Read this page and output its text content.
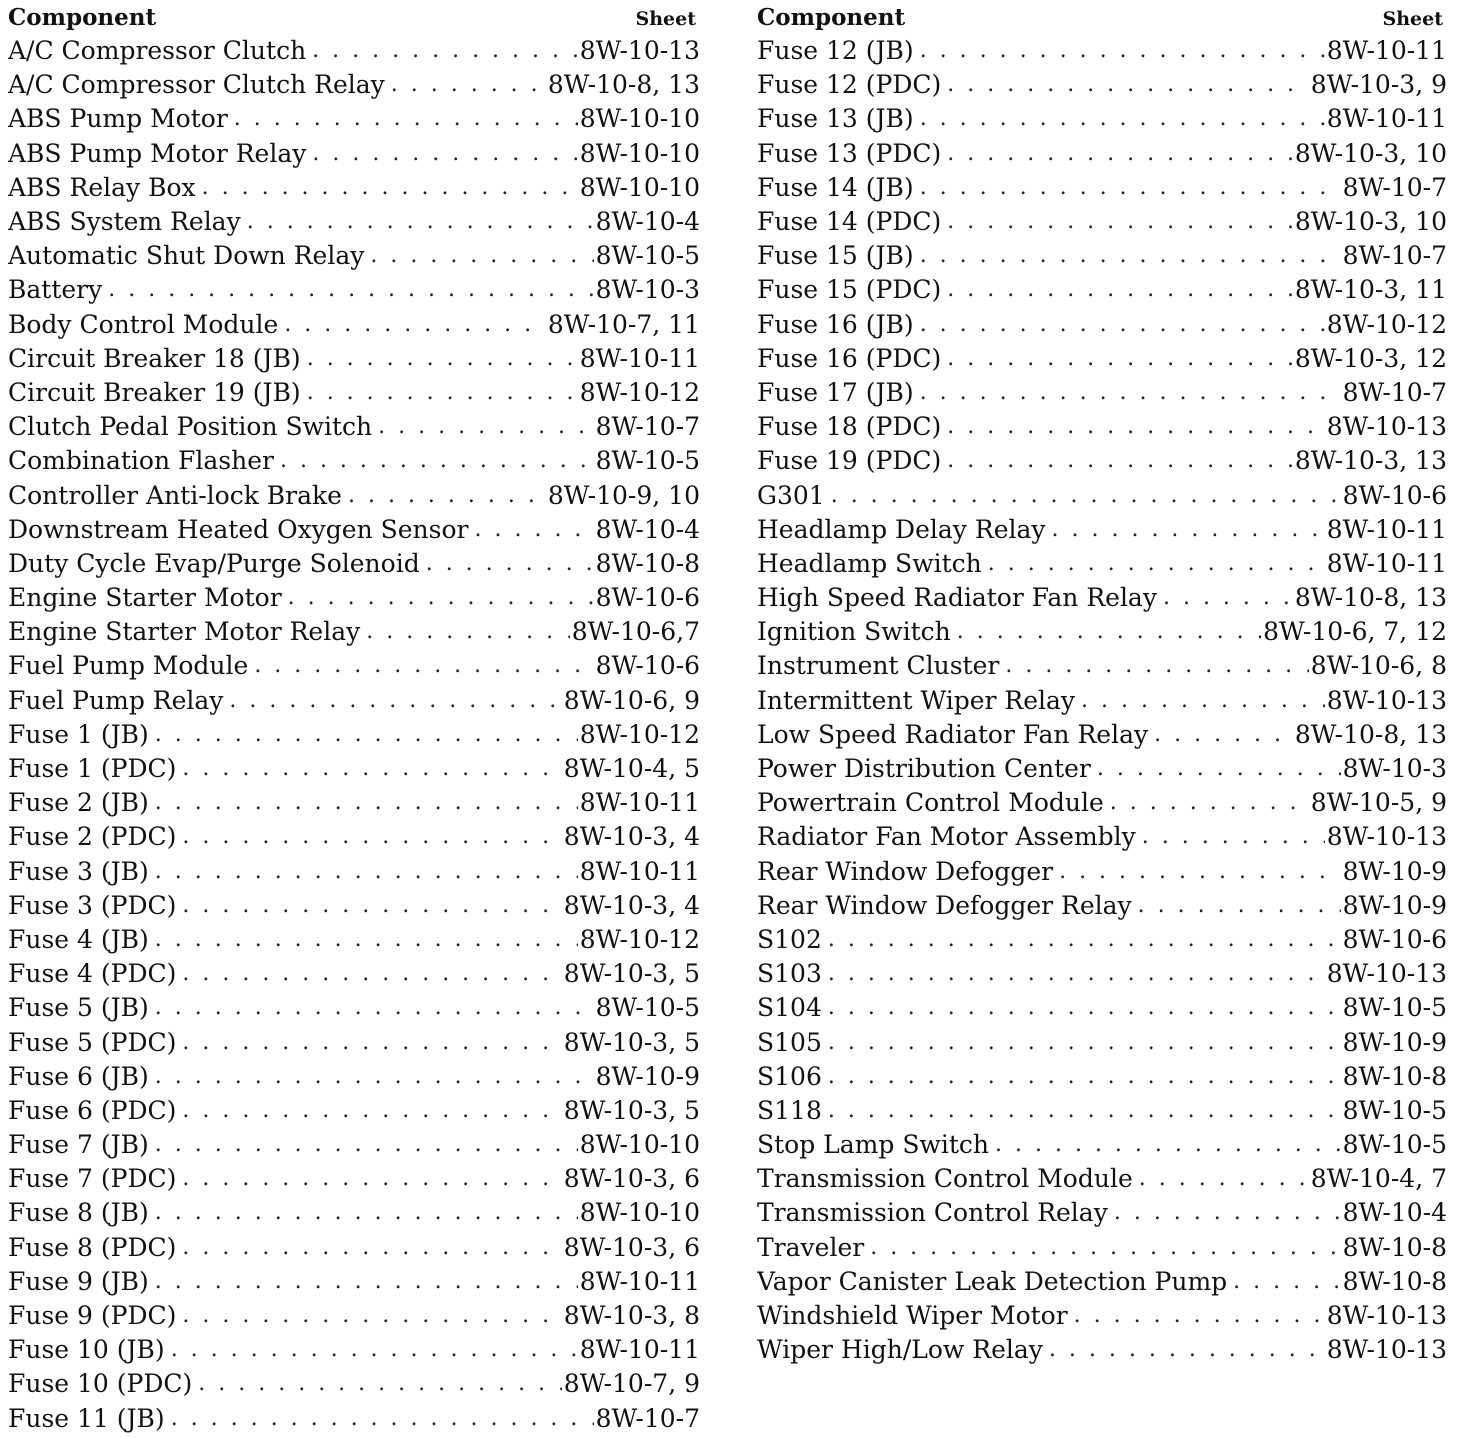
Component	Sheet
A/C Compressor Clutch . . .	8W-10-13
A/C Compressor Clutch Relay . . .	8W-10-8, 13
ABS Pump Motor . . .	8W-10-10
ABS Pump Motor Relay . . .	8W-10-10
ABS Relay Box . . .	8W-10-10
ABS System Relay . . .	8W-10-4
Automatic Shut Down Relay . . .	8W-10-5
Battery . . .	8W-10-3
Body Control Module . . .	8W-10-7, 11
Circuit Breaker 18 (JB) . . .	8W-10-11
Circuit Breaker 19 (JB) . . .	8W-10-12
Clutch Pedal Position Switch . . .	8W-10-7
Combination Flasher . . .	8W-10-5
Controller Anti-lock Brake . . .	8W-10-9, 10
Downstream Heated Oxygen Sensor . . .	8W-10-4
Duty Cycle Evap/Purge Solenoid . . .	8W-10-8
Engine Starter Motor . . .	8W-10-6
Engine Starter Motor Relay . . .	8W-10-6,7
Fuel Pump Module . . .	8W-10-6
Fuel Pump Relay . . .	8W-10-6, 9
Fuse 1 (JB) . . .	8W-10-12
Fuse 1 (PDC) . . .	8W-10-4, 5
Fuse 2 (JB) . . .	8W-10-11
Fuse 2 (PDC) . . .	8W-10-3, 4
Fuse 3 (JB) . . .	8W-10-11
Fuse 3 (PDC) . . .	8W-10-3, 4
Fuse 4 (JB) . . .	8W-10-12
Fuse 4 (PDC) . . .	8W-10-3, 5
Fuse 5 (JB) . . .	8W-10-5
Fuse 5 (PDC) . . .	8W-10-3, 5
Fuse 6 (JB) . . .	8W-10-9
Fuse 6 (PDC) . . .	8W-10-3, 5
Fuse 7 (JB) . . .	8W-10-10
Fuse 7 (PDC) . . .	8W-10-3, 6
Fuse 8 (JB) . . .	8W-10-10
Fuse 8 (PDC) . . .	8W-10-3, 6
Fuse 9 (JB) . . .	8W-10-11
Fuse 9 (PDC) . . .	8W-10-3, 8
Fuse 10 (JB) . . .	8W-10-11
Fuse 10 (PDC) . . .	8W-10-7, 9
Fuse 11 (JB) . . .	8W-10-7
Component	Sheet
Fuse 12 (JB) . . .	8W-10-11
Fuse 12 (PDC) . . .	8W-10-3, 9
Fuse 13 (JB) . . .	8W-10-11
Fuse 13 (PDC) . . .	8W-10-3, 10
Fuse 14 (JB) . . .	8W-10-7
Fuse 14 (PDC) . . .	8W-10-3, 10
Fuse 15 (JB) . . .	8W-10-7
Fuse 15 (PDC) . . .	8W-10-3, 11
Fuse 16 (JB) . . .	8W-10-12
Fuse 16 (PDC) . . .	8W-10-3, 12
Fuse 17 (JB) . . .	8W-10-7
Fuse 18 (PDC) . . .	8W-10-13
Fuse 19 (PDC) . . .	8W-10-3, 13
G301 . . .	8W-10-6
Headlamp Delay Relay . . .	8W-10-11
Headlamp Switch . . .	8W-10-11
High Speed Radiator Fan Relay . . .	8W-10-8, 13
Ignition Switch . . .	8W-10-6, 7, 12
Instrument Cluster . . .	8W-10-6, 8
Intermittent Wiper Relay . . .	8W-10-13
Low Speed Radiator Fan Relay . . .	8W-10-8, 13
Power Distribution Center . . .	8W-10-3
Powertrain Control Module . . .	8W-10-5, 9
Radiator Fan Motor Assembly . . .	8W-10-13
Rear Window Defogger . . .	8W-10-9
Rear Window Defogger Relay . . .	8W-10-9
S102 . . .	8W-10-6
S103 . . .	8W-10-13
S104 . . .	8W-10-5
S105 . . .	8W-10-9
S106 . . .	8W-10-8
S118 . . .	8W-10-5
Stop Lamp Switch . . .	8W-10-5
Transmission Control Module . . .	8W-10-4, 7
Transmission Control Relay . . .	8W-10-4
Traveler . . .	8W-10-8
Vapor Canister Leak Detection Pump . . .	8W-10-8
Windshield Wiper Motor . . .	8W-10-13
Wiper High/Low Relay . . .	8W-10-13
